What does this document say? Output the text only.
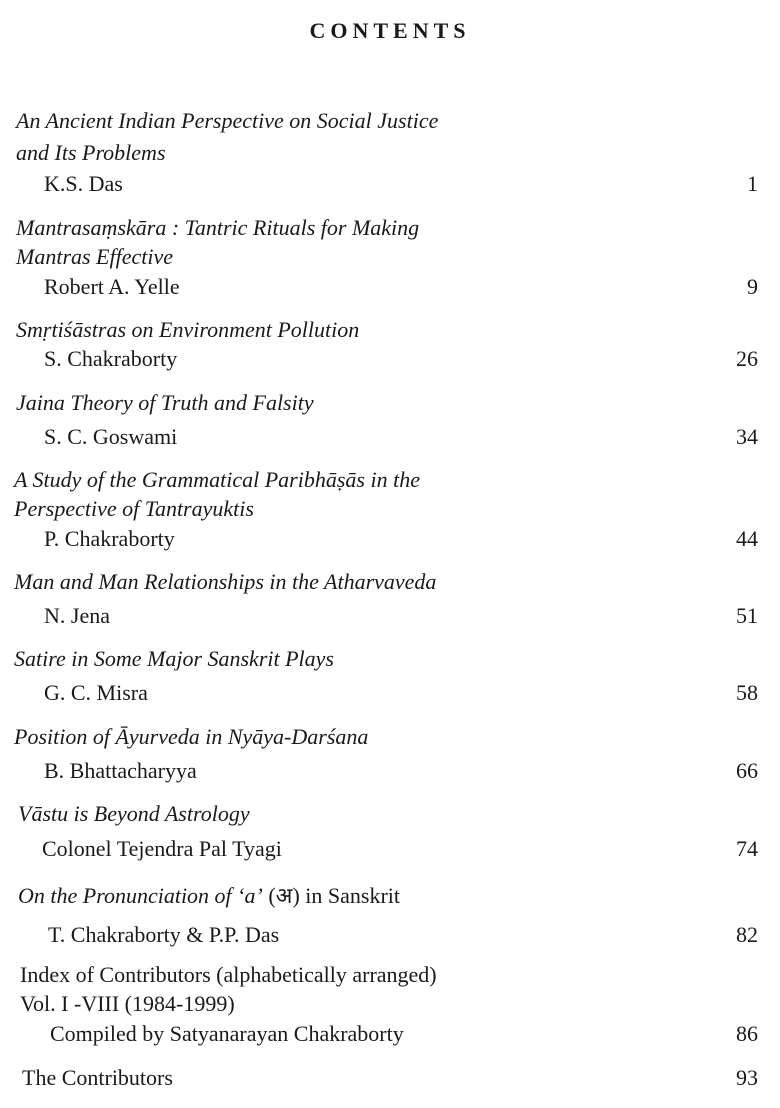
CONTENTS
An Ancient Indian Perspective on Social Justice
and Its Problems
K.S. Das	1
Mantrasaṃskāra : Tantric Rituals for Making
Mantras Effective
Robert A. Yelle	9
Smṛtiśāstras on Environment Pollution
S. Chakraborty	26
Jaina Theory of Truth and Falsity
S. C. Goswami	34
A Study of the Grammatical Paribhāṣās in the
Perspective of Tantrayuktis
P. Chakraborty	44
Man and Man Relationships in the Atharvaveda
N. Jena	51
Satire in Some Major Sanskrit Plays
G. C. Misra	58
Position of Āyurveda in Nyāya-Darśana
B. Bhattacharyya	66
Vāstu is Beyond Astrology
Colonel Tejendra Pal Tyagi	74
On the Pronunciation of ‘a’ (अ) in Sanskrit
T. Chakraborty & P.P. Das	82
Index of Contributors (alphabetically arranged)
Vol. I -VIII (1984-1999)
Compiled by Satyanarayan Chakraborty	86
The Contributors	93
